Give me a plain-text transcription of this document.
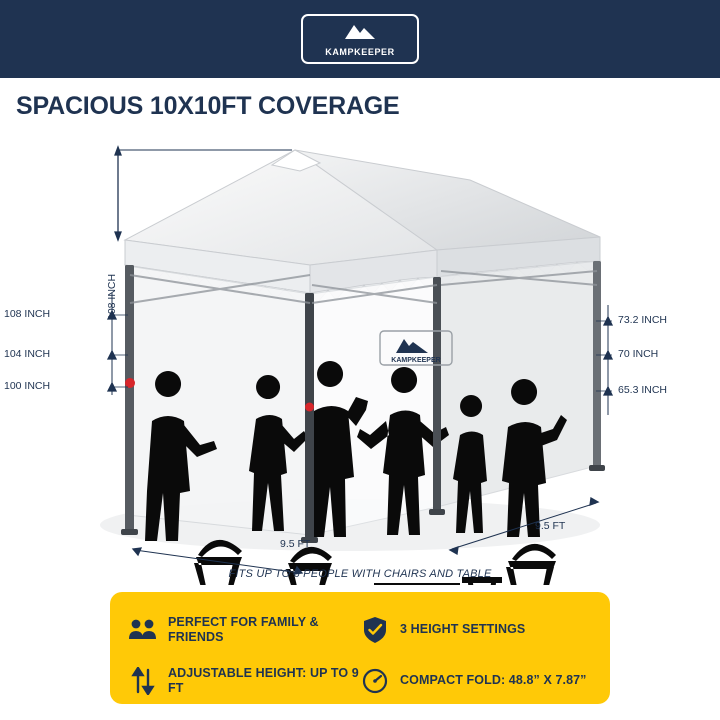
KAMPKEEPER
SPACIOUS 10X10FT COVERAGE
KAMPKEEPER
108 INCH
108 INCH
104 INCH
100 INCH
73.2 INCH
70 INCH
65.3 INCH
9.5 FT
9.5 FT
FITS UP TO 6 PEOPLE WITH CHAIRS AND TABLE
PERFECT FOR FAMILY & FRIENDS
3 HEIGHT SETTINGS
ADJUSTABLE HEIGHT: UP TO 9 FT
COMPACT FOLD: 48.8” X 7.87”
